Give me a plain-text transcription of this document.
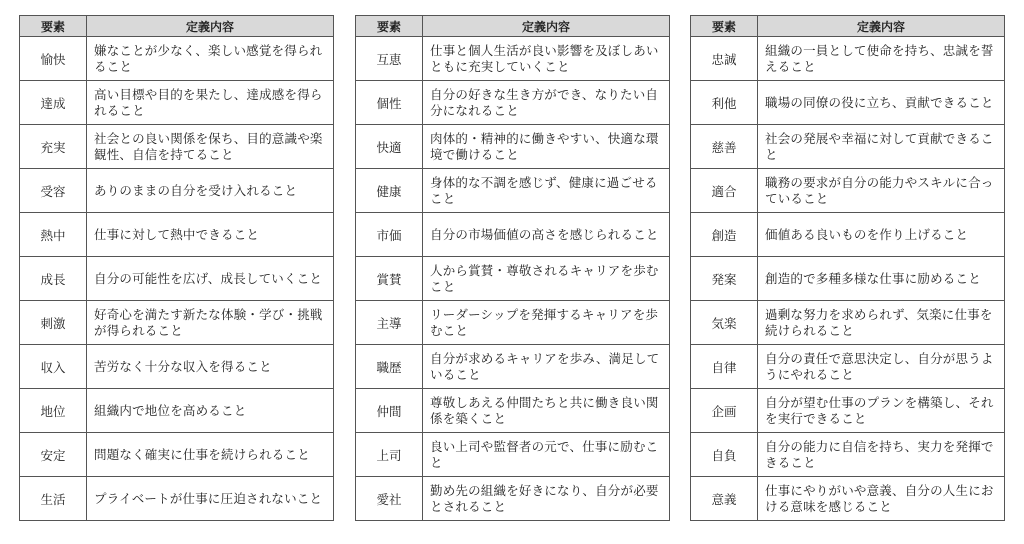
要素	定義内容
愉快	嫌なことが少なく、楽しい感覚を得られること
達成	高い目標や目的を果たし、達成感を得られること
充実	社会との良い関係を保ち、目的意識や楽観性、自信を持てること
受容	ありのままの自分を受け入れること
熱中	仕事に対して熱中できること
成長	自分の可能性を広げ、成長していくこと
刺激	好奇心を満たす新たな体験・学び・挑戦が得られること
収入	苦労なく十分な収入を得ること
地位	組織内で地位を高めること
安定	問題なく確実に仕事を続けられること
生活	プライベートが仕事に圧迫されないこと
要素	定義内容
互恵	仕事と個人生活が良い影響を及ぼしあいともに充実していくこと
個性	自分の好きな生き方ができ、なりたい自分になれること
快適	肉体的・精神的に働きやすい、快適な環境で働けること
健康	身体的な不調を感じず、健康に過ごせること
市価	自分の市場価値の高さを感じられること
賞賛	人から賞賛・尊敬されるキャリアを歩むこと
主導	リーダーシップを発揮するキャリアを歩むこと
職歴	自分が求めるキャリアを歩み、満足していること
仲間	尊敬しあえる仲間たちと共に働き良い関係を築くこと
上司	良い上司や監督者の元で、仕事に励むこと
愛社	勤め先の組織を好きになり、自分が必要とされること
要素	定義内容
忠誠	組織の一員として使命を持ち、忠誠を誓えること
利他	職場の同僚の役に立ち、貢献できること
慈善	社会の発展や幸福に対して貢献できること
適合	職務の要求が自分の能力やスキルに合っていること
創造	価値ある良いものを作り上げること
発案	創造的で多種多様な仕事に励めること
気楽	過剰な努力を求められず、気楽に仕事を続けられること
自律	自分の責任で意思決定し、自分が思うようにやれること
企画	自分が望む仕事のプランを構築し、それを実行できること
自負	自分の能力に自信を持ち、実力を発揮できること
意義	仕事にやりがいや意義、自分の人生における意味を感じること
